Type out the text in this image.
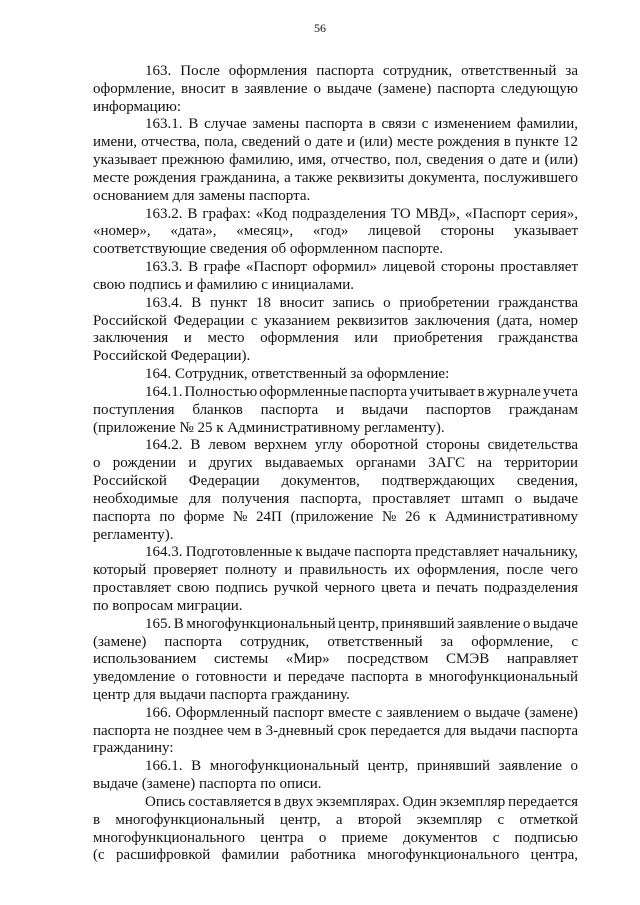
56
163. После оформления паспорта сотрудник, ответственный за
оформление, вносит в заявление о выдаче (замене) паспорта следующую
информацию:
163.1. В случае замены паспорта в связи с изменением фамилии,
имени, отчества, пола, сведений о дате и (или) месте рождения в пункте 12
указывает прежнюю фамилию, имя, отчество, пол, сведения о дате и (или)
месте рождения гражданина, а также реквизиты документа, послужившего
основанием для замены паспорта.
163.2. В графах: «Код подразделения ТО МВД», «Паспорт серия»,
«номер», «дата», «месяц», «год» лицевой стороны указывает
соответствующие сведения об оформленном паспорте.
163.3. В графе «Паспорт оформил» лицевой стороны проставляет
свою подпись и фамилию с инициалами.
163.4. В пункт 18 вносит запись о приобретении гражданства
Российской Федерации с указанием реквизитов заключения (дата, номер
заключения и место оформления или приобретения гражданства
Российской Федерации).
164. Сотрудник, ответственный за оформление:
164.1. Полностью оформленные паспорта учитывает в журнале учета
поступления бланков паспорта и выдачи паспортов гражданам
(приложение № 25 к Административному регламенту).
164.2. В левом верхнем углу оборотной стороны свидетельства
о рождении и других выдаваемых органами ЗАГС на территории
Российской Федерации документов, подтверждающих сведения,
необходимые для получения паспорта, проставляет штамп о выдаче
паспорта по форме № 24П (приложение № 26 к Административному
регламенту).
164.3. Подготовленные к выдаче паспорта представляет начальнику,
который проверяет полноту и правильность их оформления, после чего
проставляет свою подпись ручкой черного цвета и печать подразделения
по вопросам миграции.
165. В многофункциональный центр, принявший заявление о выдаче
(замене) паспорта сотрудник, ответственный за оформление, с
использованием системы «Мир» посредством СМЭВ направляет
уведомление о готовности и передаче паспорта в многофункциональный
центр для выдачи паспорта гражданину.
166. Оформленный паспорт вместе с заявлением о выдаче (замене)
паспорта не позднее чем в 3-дневный срок передается для выдачи паспорта
гражданину:
166.1. В многофункциональный центр, принявший заявление о
выдаче (замене) паспорта по описи.
Опись составляется в двух экземплярах. Один экземпляр передается
в многофункциональный центр, а второй экземпляр с отметкой
многофункционального центра о приеме документов с подписью
(с расшифровкой фамилии работника многофункционального центра,
